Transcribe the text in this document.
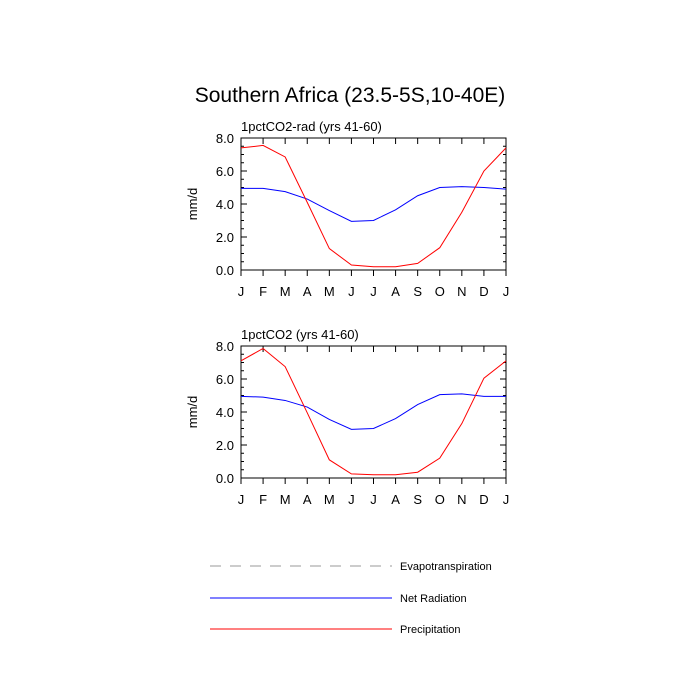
Southern Africa (23.5-5S,10-40E)
1pctCO2-rad (yrs 41-60)
mm/d
0.0
2.0
4.0
6.0
8.0
J F M A M J J A S O N D J
1pctCO2 (yrs 41-60)
mm/d
0.0
2.0
4.0
6.0
8.0
J F M A M J J A S O N D J
Evapotranspiration
Net Radiation
Precipitation
